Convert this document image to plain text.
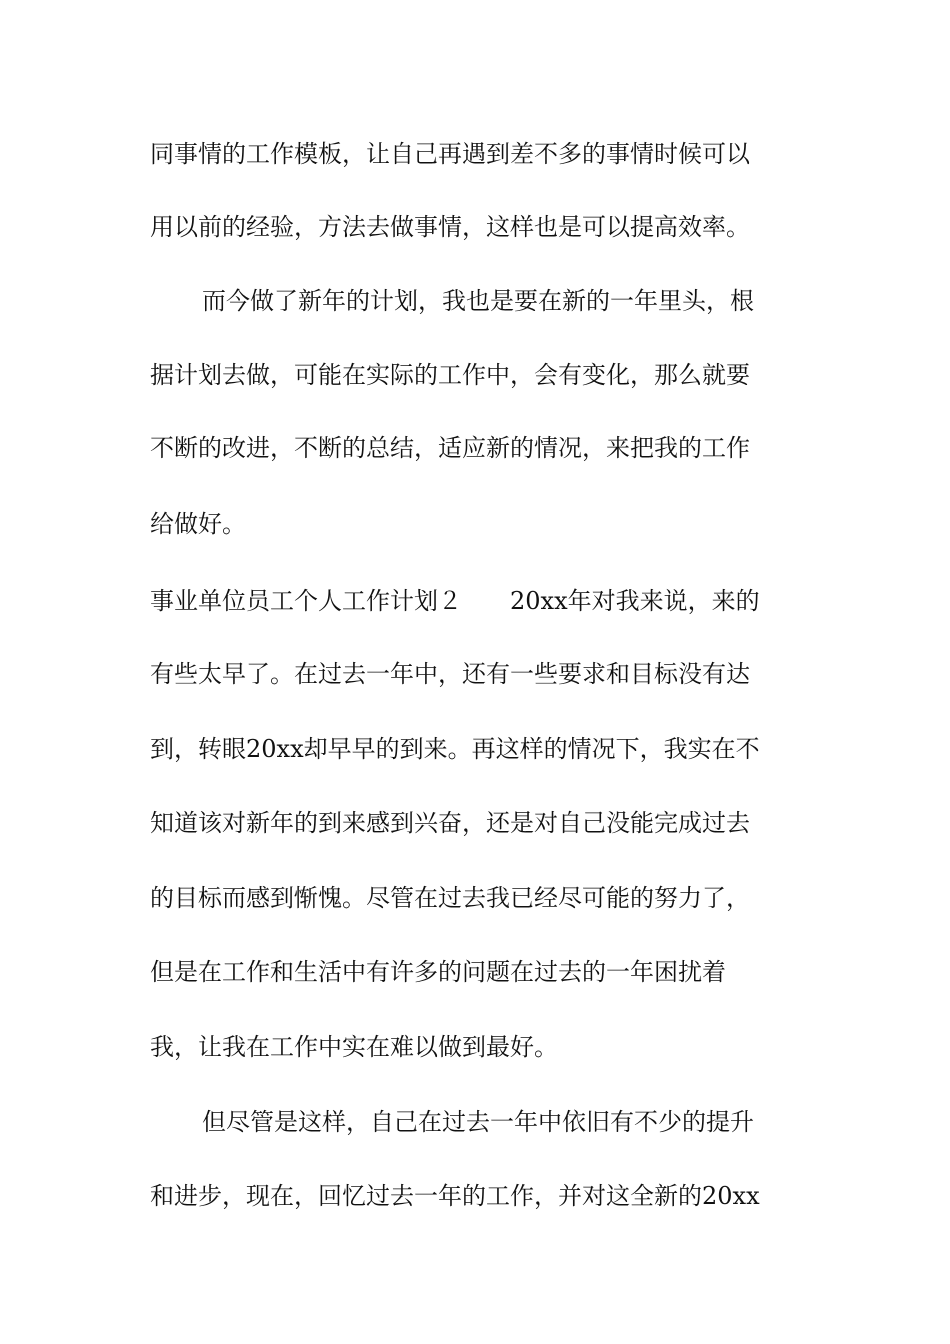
同事情的工作模板，让自己再遇到差不多的事情时候可以

用以前的经验，方法去做事情，这样也是可以提高效率。

而今做了新年的计划，我也是要在新的一年里头，根

据计划去做，可能在实际的工作中，会有变化，那么就要

不断的改进，不断的总结，适应新的情况，来把我的工作

给做好。

事业单位员工个人工作计划２　　20xx年对我来说，来的

有些太早了。在过去一年中，还有一些要求和目标没有达

到，转眼20xx却早早的到来。再这样的情况下，我实在不

知道该对新年的到来感到兴奋，还是对自己没能完成过去

的目标而感到惭愧。尽管在过去我已经尽可能的努力了，

但是在工作和生活中有许多的问题在过去的一年困扰着

我，让我在工作中实在难以做到最好。

但尽管是这样，自己在过去一年中依旧有不少的提升

和进步，现在，回忆过去一年的工作，并对这全新的20xx
